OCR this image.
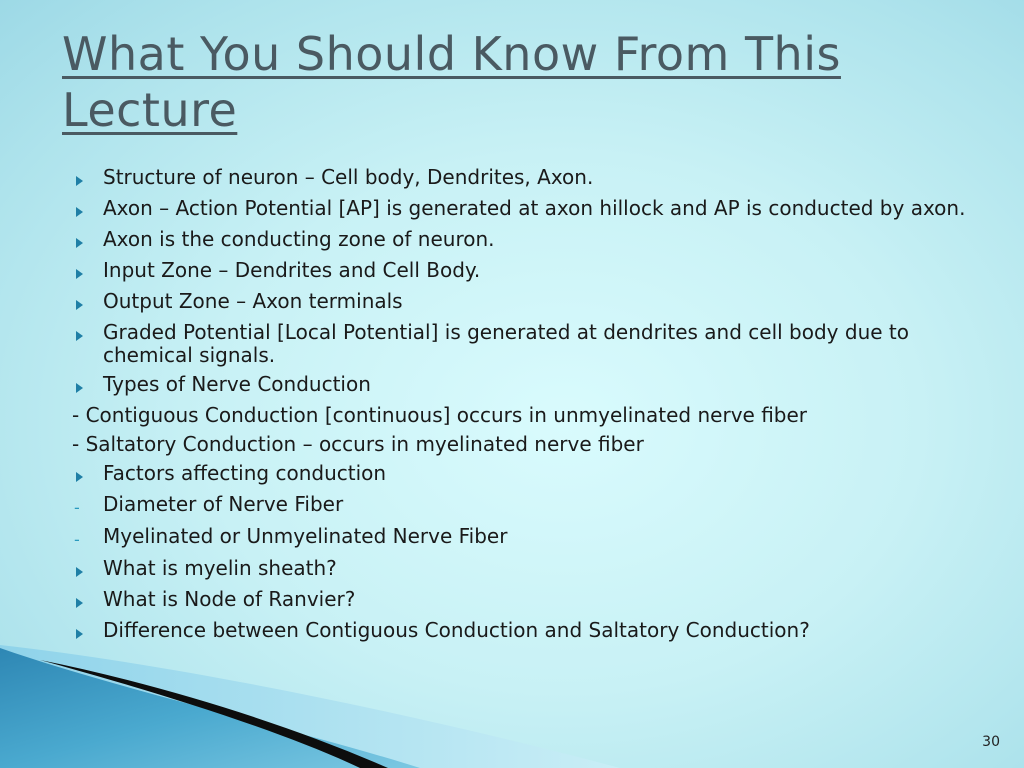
What You Should Know From This Lecture
Structure of neuron – Cell body, Dendrites, Axon.
Axon – Action Potential [AP] is generated at axon hillock and AP is conducted by axon.
Axon is the conducting zone of neuron.
Input Zone – Dendrites and Cell Body.
Output Zone – Axon terminals
Graded Potential [Local Potential] is generated at dendrites and cell body due to chemical signals.
Types of Nerve Conduction
- Contiguous Conduction [continuous] occurs in unmyelinated nerve fiber
- Saltatory Conduction – occurs in myelinated nerve fiber
Factors affecting conduction
-	Diameter of Nerve Fiber
-	Myelinated or Unmyelinated Nerve Fiber
What is myelin sheath?
What is Node of Ranvier?
Difference between Contiguous Conduction and Saltatory Conduction?
30
